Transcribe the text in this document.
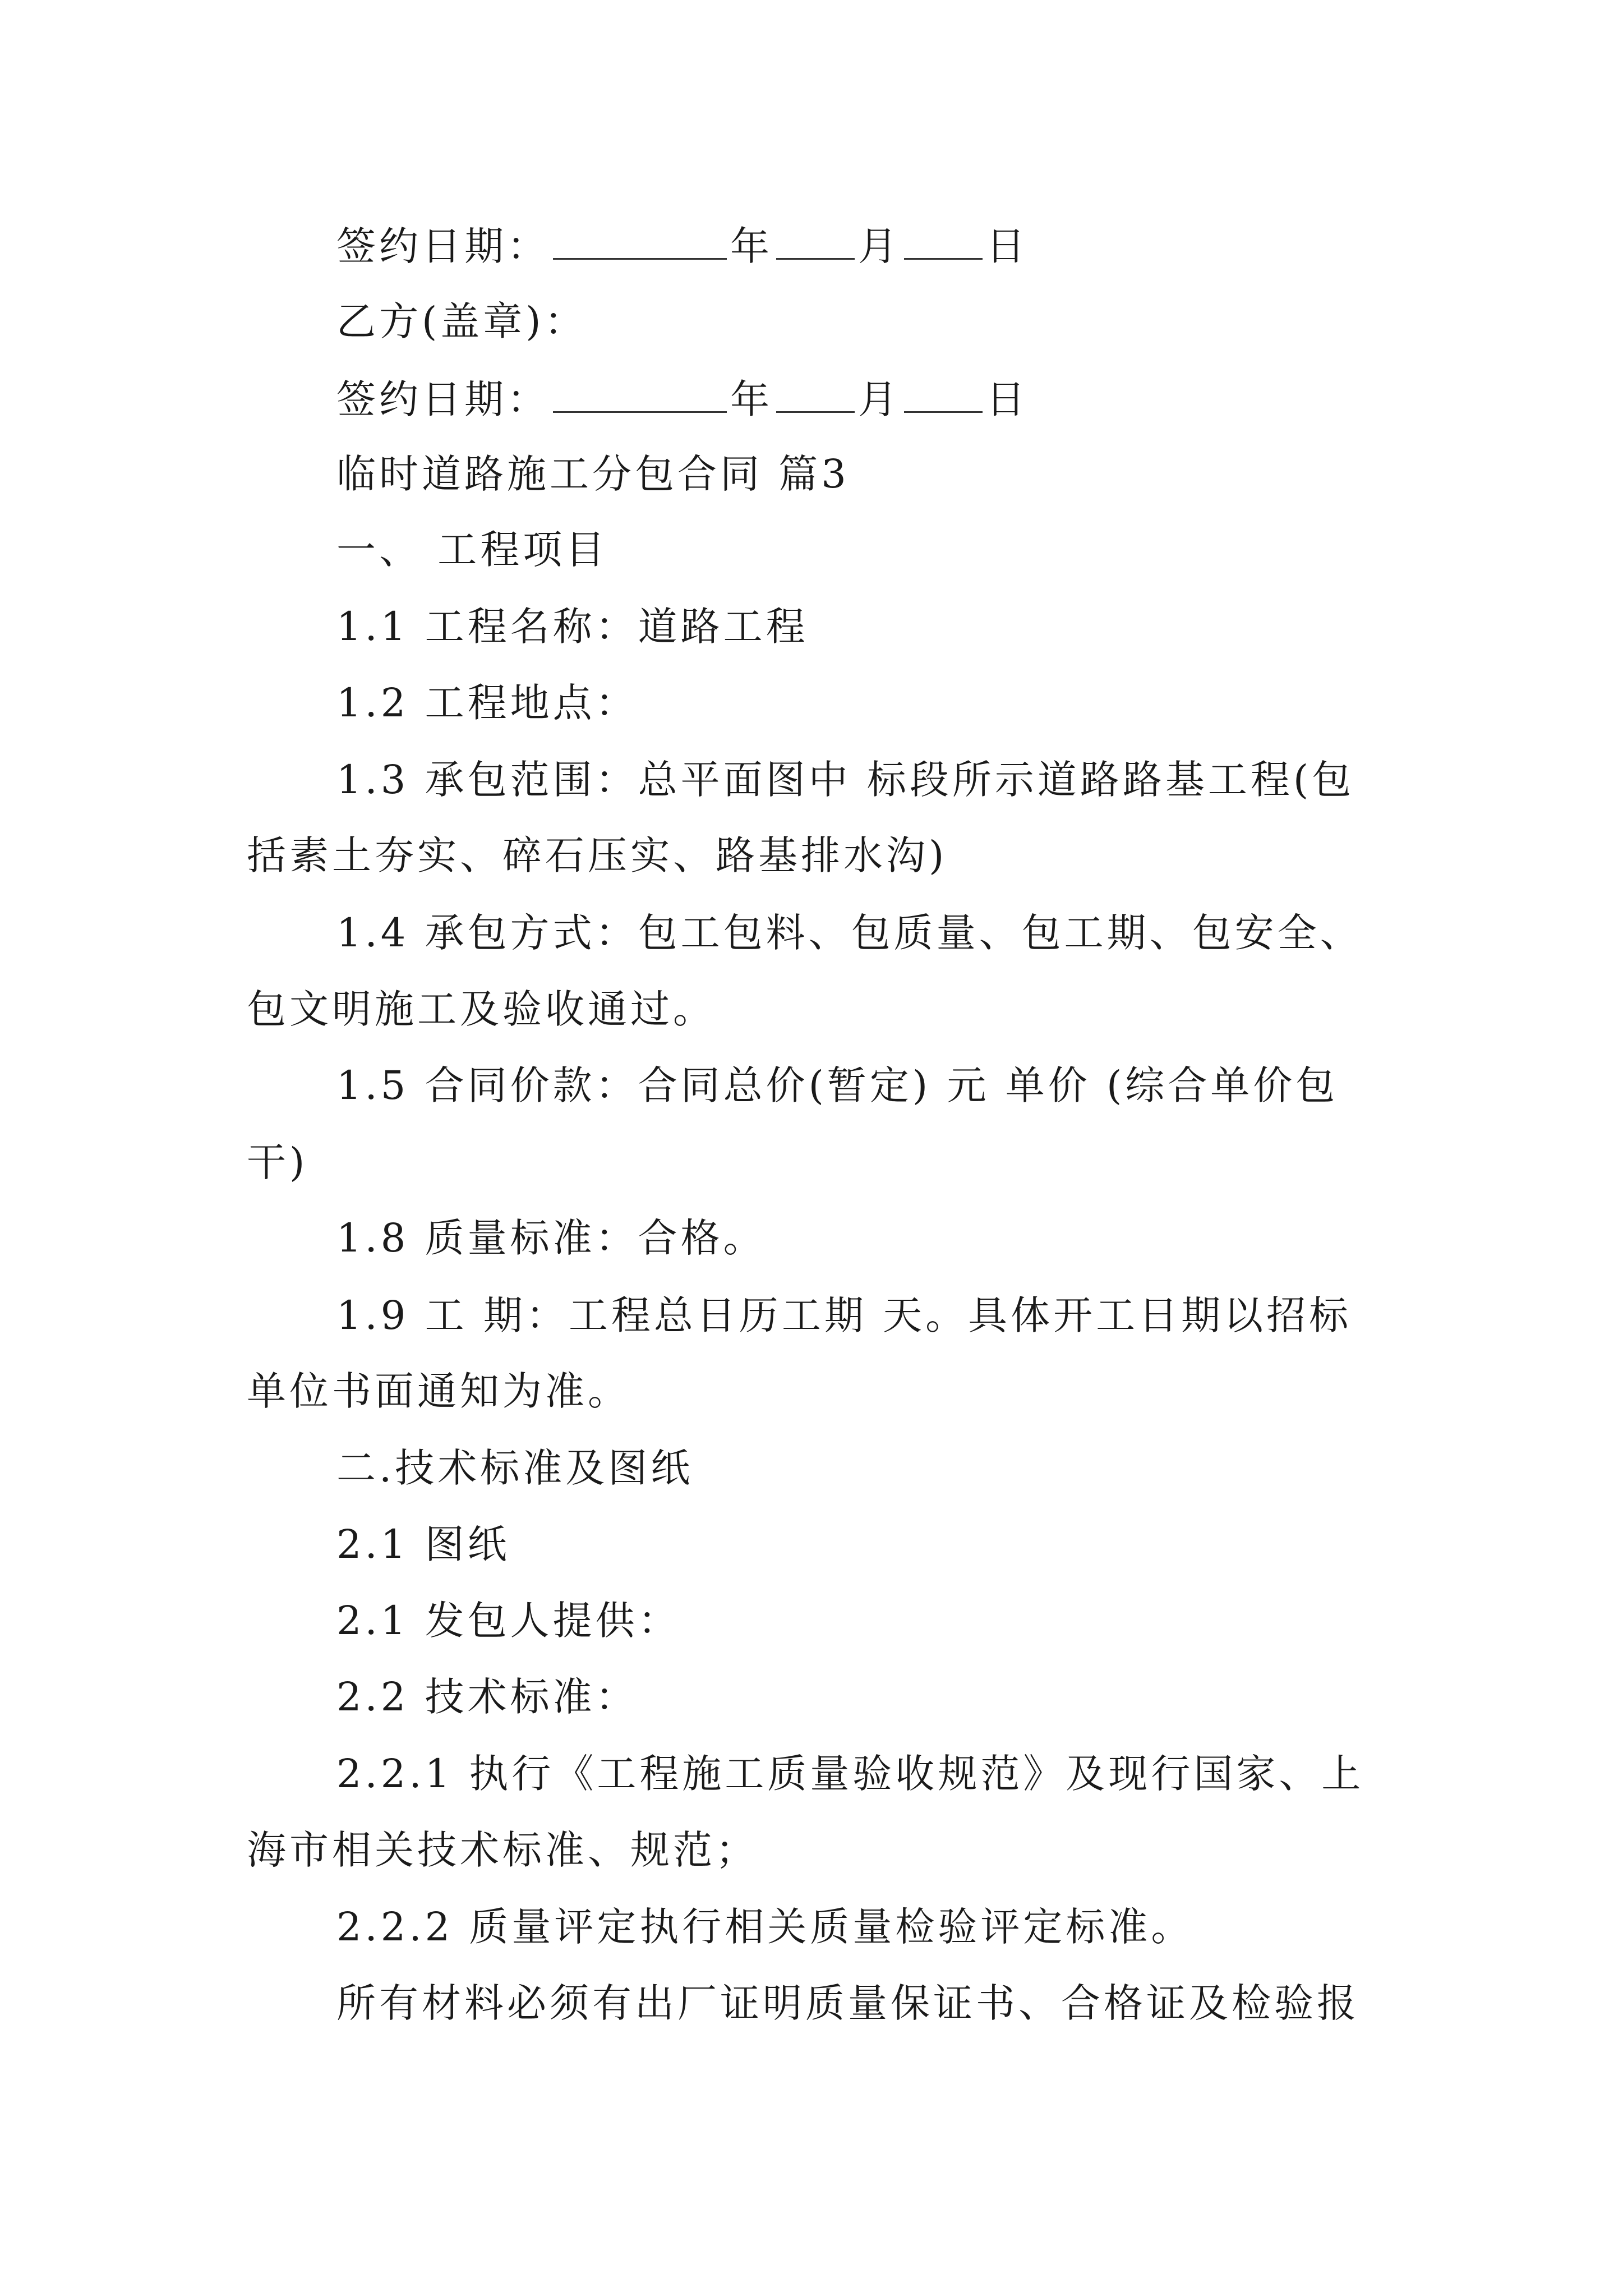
签约日期：	年 月 日

乙方(盖章)：

签约日期：	年 月 日

临时道路施工分包合同 篇3

一、 工程项目

1.1 工程名称：道路工程

1.2 工程地点：

1.3 承包范围：总平面图中 标段所示道路路基工程(包

括素土夯实、碎石压实、路基排水沟)

1.4 承包方式：包工包料、包质量、包工期、包安全、

包文明施工及验收通过。

1.5 合同价款：合同总价(暂定) 元 单价 (综合单价包

干)

1.8 质量标准：合格。

1.9 工 期：工程总日历工期 天。具体开工日期以招标

单位书面通知为准。

二.技术标准及图纸

2.1 图纸

2.1 发包人提供：

2.2 技术标准：

2.2.1 执行《工程施工质量验收规范》及现行国家、上

海市相关技术标准、规范；

2.2.2 质量评定执行相关质量检验评定标准。

所有材料必须有出厂证明质量保证书、合格证及检验报
